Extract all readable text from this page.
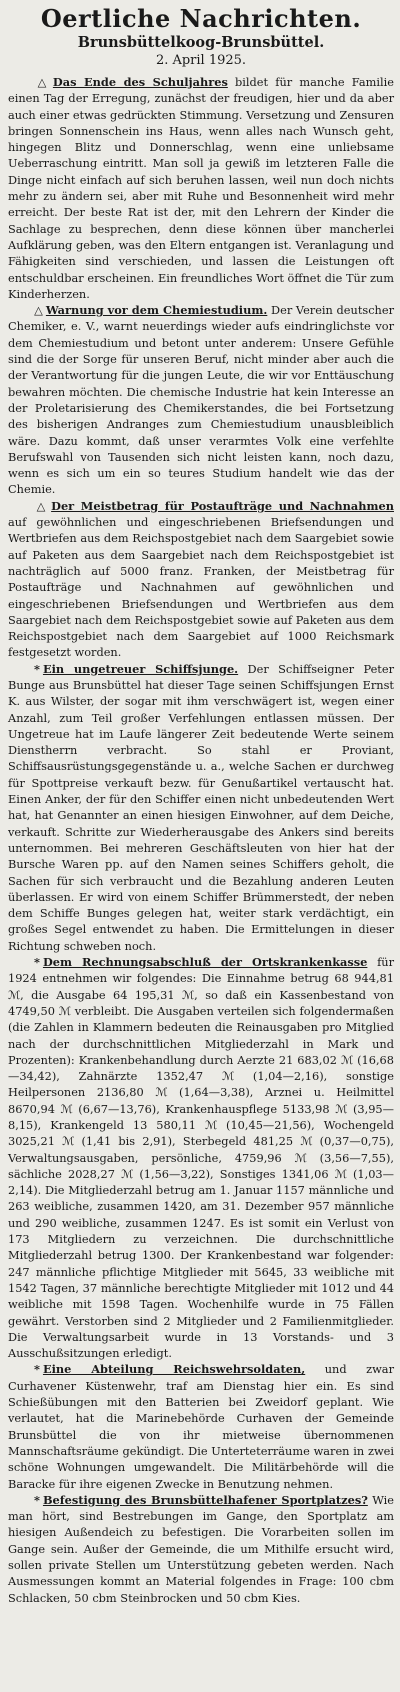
Oertliche Nachrichten.
Brunsbüttelkoog-Brunsbüttel.

2. April 1925.

△ Das Ende des Schuljahres bildet für manche Familie einen Tag der Erregung, zunächst der freudigen, hier und da aber auch einer etwas gedrückten Stimmung. Versetzung und Zensuren bringen Sonnenschein ins Haus, wenn alles nach Wunsch geht, hingegen Blitz und Donnerschlag, wenn eine unliebsame Ueberraschung eintritt. Man soll ja gewiß im letzteren Falle die Dinge nicht einfach auf sich beruhen lassen, weil nun doch nichts mehr zu ändern sei, aber mit Ruhe und Besonnenheit wird mehr erreicht. Der beste Rat ist der, mit den Lehrern der Kinder die Sachlage zu besprechen, denn diese können über mancherlei Aufklärung geben, was den Eltern entgangen ist. Veranlagung und Fähigkeiten sind verschieden, und lassen die Leistungen oft entschuldbar erscheinen. Ein freundliches Wort öffnet die Tür zum Kinderherzen.

△ Warnung vor dem Chemiestudium. Der Verein deutscher Chemiker, e. V., warnt neuerdings wieder aufs eindringlichste vor dem Chemiestudium und betont unter anderem: Unsere Gefühle sind die der Sorge für unseren Beruf, nicht minder aber auch die der Verantwortung für die jungen Leute, die wir vor Enttäuschung bewahren möchten. Die chemische Industrie hat kein Interesse an der Proletarisierung des Chemikerstandes, die bei Fortsetzung des bisherigen Andranges zum Chemiestudium unausbleiblich wäre. Dazu kommt, daß unser verarmtes Volk eine verfehlte Berufswahl von Tausenden sich nicht leisten kann, noch dazu, wenn es sich um ein so teures Studium handelt wie das der Chemie.

△ Der Meistbetrag für Postaufträge und Nachnahmen auf gewöhnlichen und eingeschriebenen Briefsendungen und Wertbriefen aus dem Reichspostgebiet nach dem Saargebiet sowie auf Paketen aus dem Saargebiet nach dem Reichspostgebiet ist nachträglich auf 5000 franz. Franken, der Meistbetrag für Postaufträge und Nachnahmen auf gewöhnlichen und eingeschriebenen Briefsendungen und Wertbriefen aus dem Saargebiet nach dem Reichspostgebiet sowie auf Paketen aus dem Reichspostgebiet nach dem Saargebiet auf 1000 Reichsmark festgesetzt worden.

* Ein ungetreuer Schiffsjunge. Der Schiffseigner Peter Bunge aus Brunsbüttel hat dieser Tage seinen Schiffsjungen Ernst K. aus Wilster, der sogar mit ihm verschwägert ist, wegen einer Anzahl, zum Teil großer Verfehlungen entlassen müssen. Der Ungetreue hat im Laufe längerer Zeit bedeutende Werte seinem Dienstherrn verbracht. So stahl er Proviant, Schiffsausrüstungsgegenstände u. a., welche Sachen er durchweg für Spottpreise verkauft bezw. für Genußartikel vertauscht hat. Einen Anker, der für den Schiffer einen nicht unbedeutenden Wert hat, hat Genannter an einen hiesigen Einwohner, auf dem Deiche, verkauft. Schritte zur Wiederherausgabe des Ankers sind bereits unternommen. Bei mehreren Geschäftsleuten von hier hat der Bursche Waren pp. auf den Namen seines Schiffers geholt, die Sachen für sich verbraucht und die Bezahlung anderen Leuten überlassen. Er wird von einem Schiffer Brümmerstedt, der neben dem Schiffe Bunges gelegen hat, weiter stark verdächtigt, ein großes Segel entwendet zu haben. Die Ermittelungen in dieser Richtung schweben noch.

* Dem Rechnungsabschluß der Ortskrankenkasse für 1924 entnehmen wir folgendes: Die Einnahme betrug 68 944,81 ℳ, die Ausgabe 64 195,31 ℳ, so daß ein Kassenbestand von 4749,50 ℳ verbleibt. Die Ausgaben verteilen sich folgendermaßen (die Zahlen in Klammern bedeuten die Reinausgaben pro Mitglied nach der durchschnittlichen Mitgliederzahl in Mark und Prozenten): Krankenbehandlung durch Aerzte 21 683,02 ℳ (16,68—34,42), Zahnärzte 1352,47 ℳ (1,04—2,16), sonstige Heilpersonen 2136,80 ℳ (1,64—3,38), Arznei u. Heilmittel 8670,94 ℳ (6,67—13,76), Krankenhauspflege 5133,98 ℳ (3,95—8,15), Krankengeld 13 580,11 ℳ (10,45—21,56), Wochengeld 3025,21 ℳ (1,41 bis 2,91), Sterbegeld 481,25 ℳ (0,37—0,75), Verwaltungsausgaben, persönliche, 4759,96 ℳ (3,56—7,55), sächliche 2028,27 ℳ (1,56—3,22), Sonstiges 1341,06 ℳ (1,03—2,14). Die Mitgliederzahl betrug am 1. Januar 1157 männliche und 263 weibliche, zusammen 1420, am 31. Dezember 957 männliche und 290 weibliche, zusammen 1247. Es ist somit ein Verlust von 173 Mitgliedern zu verzeichnen. Die durchschnittliche Mitgliederzahl betrug 1300. Der Krankenbestand war folgender: 247 männliche pflichtige Mitglieder mit 5645, 33 weibliche mit 1542 Tagen, 37 männliche berechtigte Mitglieder mit 1012 und 44 weibliche mit 1598 Tagen. Wochenhilfe wurde in 75 Fällen gewährt. Verstorben sind 2 Mitglieder und 2 Familienmitglieder. Die Verwaltungsarbeit wurde in 13 Vorstands- und 3 Ausschußsitzungen erledigt.

* Eine Abteilung Reichswehrsoldaten, und zwar Curhavener Küstenwehr, traf am Dienstag hier ein. Es sind Schießübungen mit den Batterien bei Zweidorf geplant. Wie verlautet, hat die Marinebehörde Curhaven der Gemeinde Brunsbüttel die von ihr mietweise übernommenen Mannschaftsräume gekündigt. Die Unterteterräume waren in zwei schöne Wohnungen umgewandelt. Die Militärbehörde will die Baracke für ihre eigenen Zwecke in Benutzung nehmen.

* Befestigung des Brunsbüttelhafener Sportplatzes? Wie man hört, sind Bestrebungen im Gange, den Sportplatz am hiesigen Außendeich zu befestigen. Die Vorarbeiten sollen im Gange sein. Außer der Gemeinde, die um Mithilfe ersucht wird, sollen private Stellen um Unterstützung gebeten werden. Nach Ausmessungen kommt an Material folgendes in Frage: 100 cbm Schlacken, 50 cbm Steinbrocken und 50 cbm Kies.
